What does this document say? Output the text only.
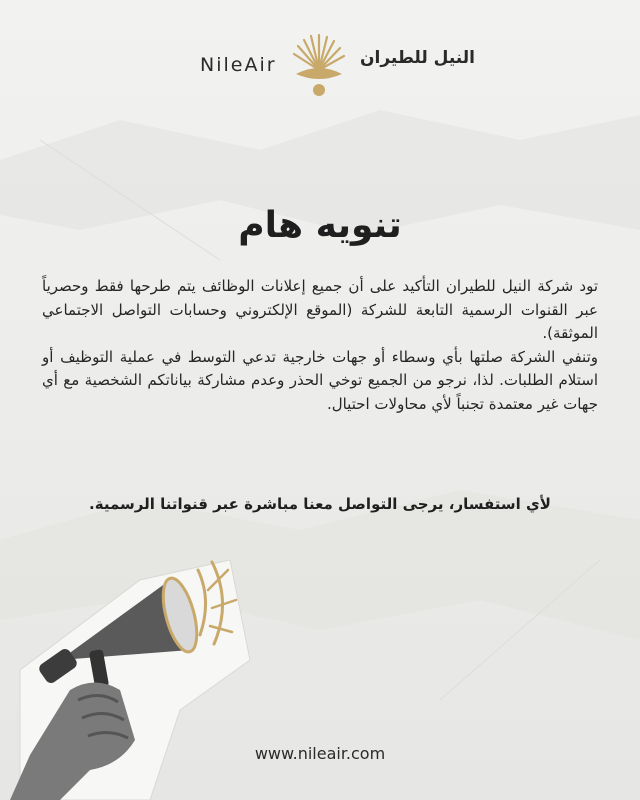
NileAir	النيل للطيران
تنويه هام

تود شركة النيل للطيران التأكيد على أن جميع إعلانات الوظائف يتم طرحها فقط وحصرياً عبر القنوات الرسمية التابعة للشركة (الموقع الإلكتروني وحسابات التواصل الاجتماعي الموثقة).

وتنفي الشركة صلتها بأي وسطاء أو جهات خارجية تدعي التوسط في عملية التوظيف أو استلام الطلبات. لذا، نرجو من الجميع توخي الحذر وعدم مشاركة بياناتكم الشخصية مع أي جهات غير معتمدة تجنباً لأي محاولات احتيال.

لأي استفسار، يرجى التواصل معنا مباشرة عبر قنواتنا الرسمية.

www.nileair.com
